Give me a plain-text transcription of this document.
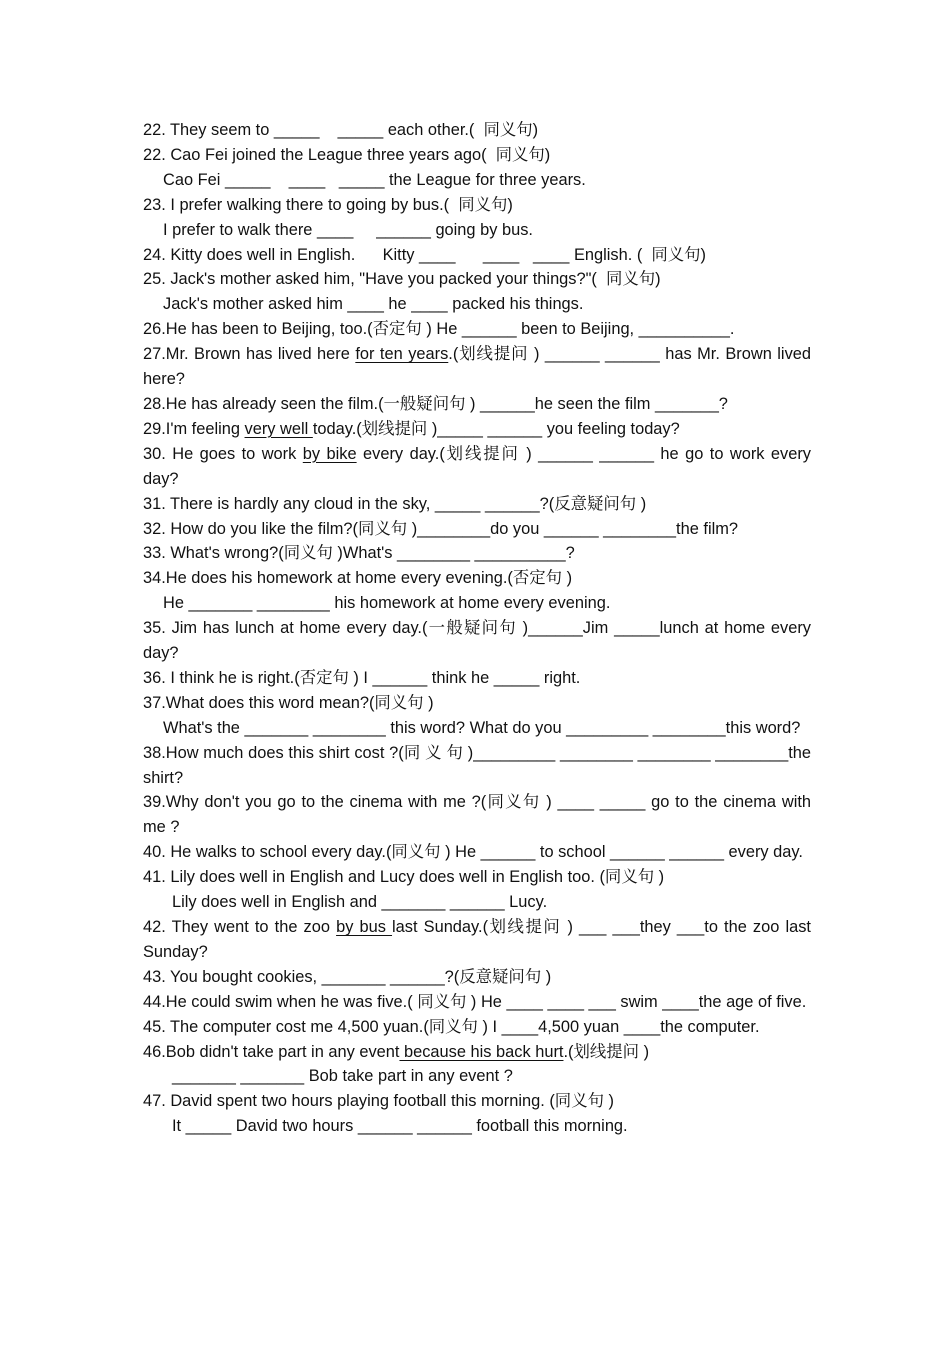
22. They seem to _____    _____ each other.(  同义句)
22. Cao Fei joined the League three years ago(  同义句)
Cao Fei _____    ____   _____ the League for three years.
23. I prefer walking there to going by bus.(  同义句)
I prefer to walk there ____     ______ going by bus.
24. Kitty does well in English.      Kitty ____      ____   ____ English. (  同义句)
25. Jack's mother asked him, "Have you packed your things?"(  同义句)
Jack's mother asked him ____ he ____ packed his things.
26.He has been to Beijing, too.(否定句 ) He ______ been to Beijing, __________.
27.Mr. Brown has lived here for ten years.(划线提问 ) ______ ______ has Mr. Brown lived here?
28.He has already seen the film.(一般疑问句 ) ______he seen the film _______?
29.I'm feeling very well today.(划线提问 )_____ ______ you feeling today?
30. He goes to work by bike every day.(划线提问 ) ______ ______ he go to work every day?
31. There is hardly any cloud in the sky, _____ ______?(反意疑问句 )
32. How do you like the film?(同义句 )________do you ______ ________the film?
33. What's wrong?(同义句 )What's ________ __________?
34.He does his homework at home every evening.(否定句 )
He _______ ________ his homework at home every evening.
35. Jim has lunch at home every day.(一般疑问句 )______Jim _____lunch at home every day?
36. I think he is right.(否定句 ) I ______ think he _____ right.
37.What does this word mean?(同义句 )
What's the _______ ________ this word? What do you _________ ________this word?
38.How much does this shirt cost ?(同 义 句 )_________ ________ ________ ________the shirt?
39.Why don't you go to the cinema with me ?(同义句 ) ____ _____ go to the cinema with me ?
40. He walks to school every day.(同义句 ) He ______ to school ______ ______ every day.
41. Lily does well in English and Lucy does well in English too. (同义句 )
Lily does well in English and _______ ______ Lucy.
42. They went to the zoo by bus last Sunday.(划线提问 ) ___ ___they ___to the zoo last Sunday?
43. You bought cookies, _______ ______?(反意疑问句 )
44.He could swim when he was five.( 同义句 ) He ____ ____ ___ swim ____the age of five.
45. The computer cost me 4,500 yuan.(同义句 ) I ____4,500 yuan ____the computer.
46.Bob didn't take part in any event because his back hurt.(划线提问 )
_______ _______ Bob take part in any event ?
47. David spent two hours playing football this morning. (同义句 )
It _____ David two hours ______ ______ football this morning.
